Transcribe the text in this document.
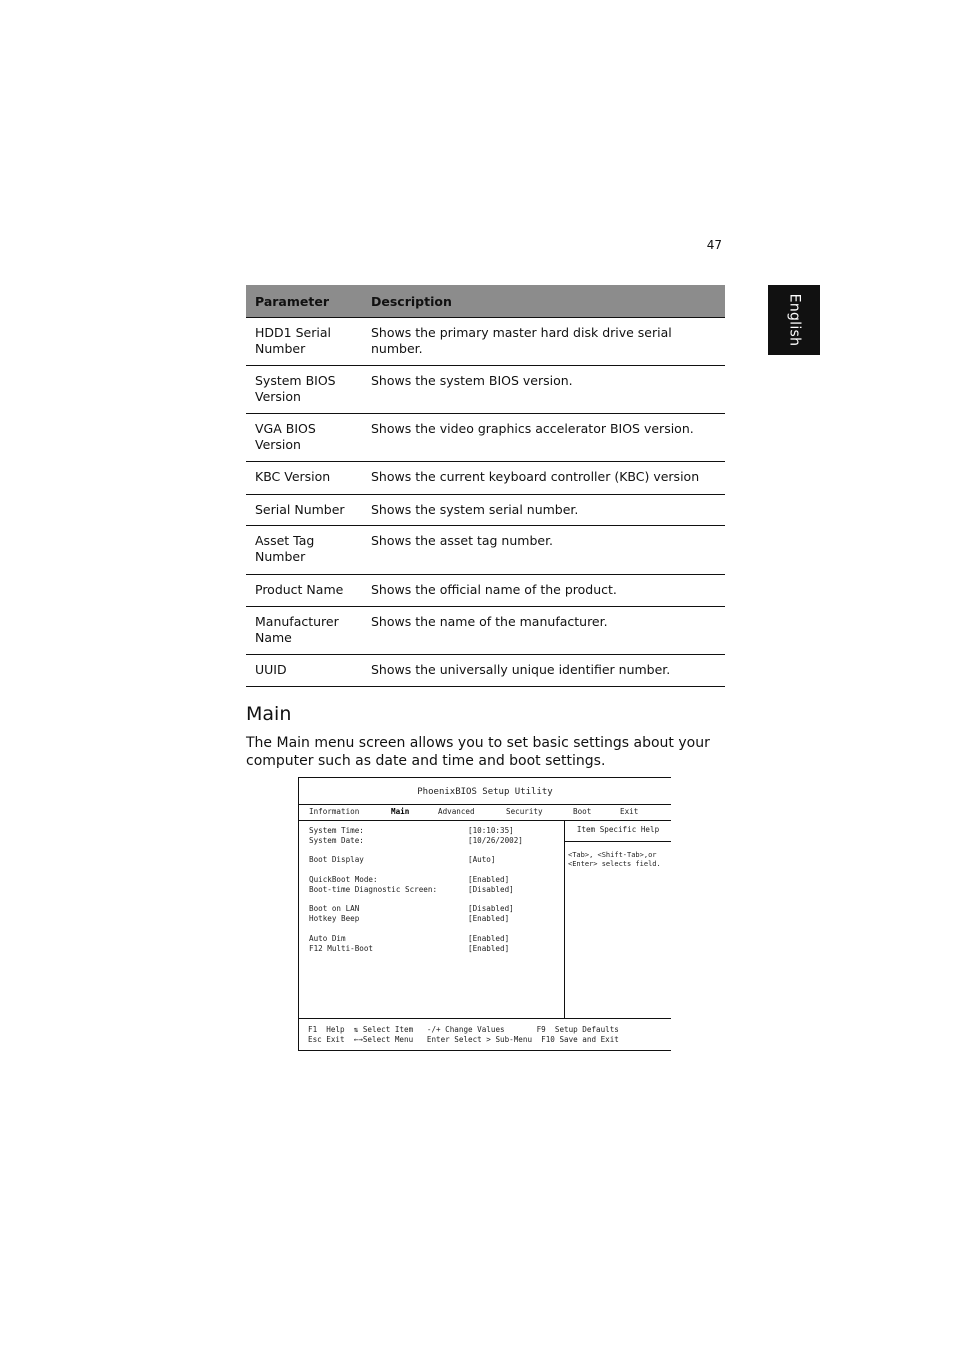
47
English
Parameter	Description
HDD1 Serial Number	Shows the primary master hard disk drive serial number.
System BIOS Version	Shows the system BIOS version.
VGA BIOS Version	Shows the video graphics accelerator BIOS version.
KBC Version	Shows the current keyboard controller (KBC) version
Serial Number	Shows the system serial number.
Asset Tag Number	Shows the asset tag number.
Product Name	Shows the official name of the product.
Manufacturer Name	Shows the name of the manufacturer.
UUID	Shows the universally unique identifier number.
Main

The Main menu screen allows you to set basic settings about your computer such as date and time and boot settings.

PhoenixBIOS Setup Utility
Information	Main	Advanced	Security	Boot	Exit
System Time:	[10:10:35]
System Date:	[10/26/2002]
Boot Display	[Auto]
QuickBoot Mode:	[Enabled]
Boot-time Diagnostic Screen:	[Disabled]
Boot on LAN	[Disabled]
Hotkey Beep	[Enabled]
Auto Dim	[Enabled]
F12 Multi-Boot	[Enabled]
Item Specific Help
<Tab>, <Shift-Tab>,or <Enter> selects field.
F1  Help  ⇅ Select Item   -/+ Change Values       F9  Setup Defaults
Esc Exit  ←→Select Menu   Enter Select > Sub-Menu  F10 Save and Exit
